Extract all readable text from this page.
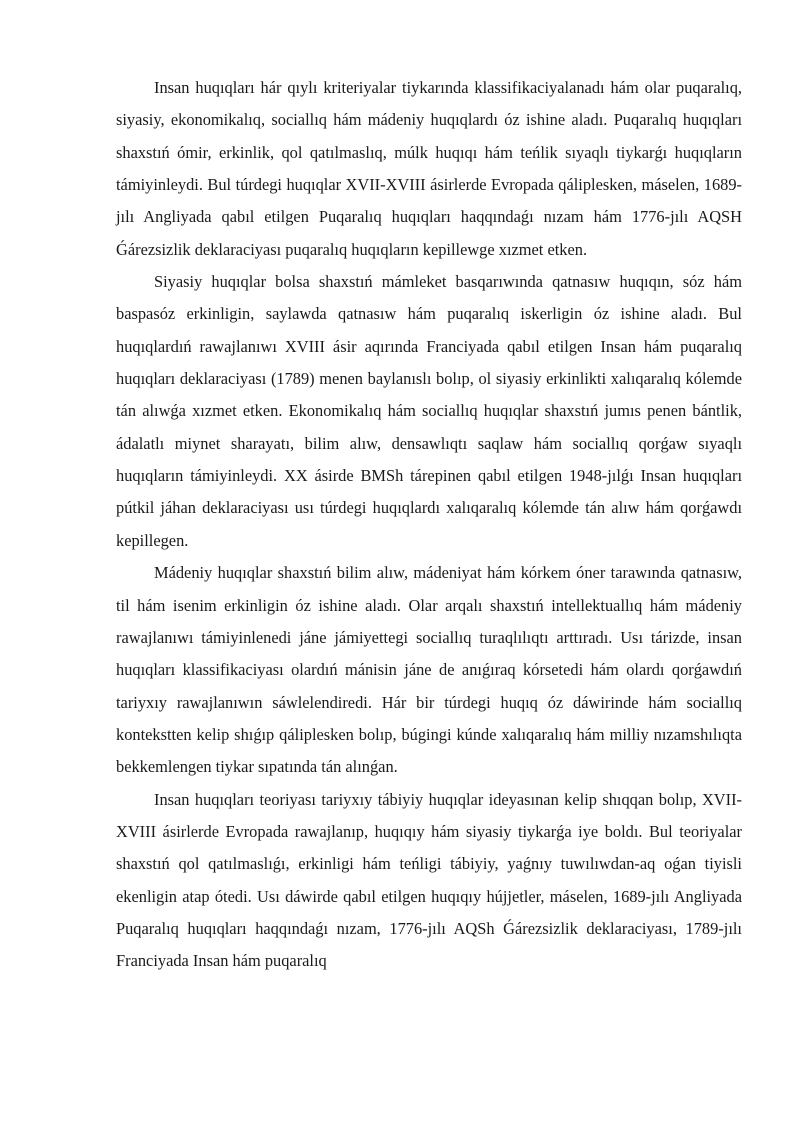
Insan huqıqları hár qıylı kriteriyalar tiykarında klassifikaciyalanadı hám olar puqaralıq, siyasiy, ekonomikalıq, sociallıq hám mádeniy huqıqlardı óz ishine aladı. Puqaralıq huqıqları shaxstıń ómir, erkinlik, qol qatılmaslıq, múlk huqıqı hám teńlik sıyaqlı tiykarǵı huqıqların támiyinleydi. Bul túrdegi huqıqlar XVII-XVIII ásirlerde Evropada qáliplesken, máselen, 1689-jılı Angliyada qabıl etilgen Puqaralıq huqıqları haqqındaǵı nızam hám 1776-jılı AQSH Ǵárezsizlik deklaraciyası puqaralıq huqıqların kepillewge xızmet etken.

Siyasiy huqıqlar bolsa shaxstıń mámleket basqarıwında qatnasıw huqıqın, sóz hám baspasóz erkinligin, saylawda qatnasıw hám puqaralıq iskerligin óz ishine aladı. Bul huqıqlardıń rawajlanıwı XVIII ásir aqırında Franciyada qabıl etilgen Insan hám puqaralıq huqıqları deklaraciyası (1789) menen baylanıslı bolıp, ol siyasiy erkinlikti xalıqaralıq kólemde tán alıwǵa xızmet etken. Ekonomikalıq hám sociallıq huqıqlar shaxstıń jumıs penen bántlik, ádalatlı miynet sharayatı, bilim alıw, densawlıqtı saqlaw hám sociallıq qorǵaw sıyaqlı huqıqların támiyinleydi. XX ásirde BMSh tárepinen qabıl etilgen 1948-jılǵı Insan huqıqları pútkil jáhan deklaraciyası usı túrdegi huqıqlardı xalıqaralıq kólemde tán alıw hám qorǵawdı kepillegen.

Mádeniy huqıqlar shaxstıń bilim alıw, mádeniyat hám kórkem óner tarawında qatnasıw, til hám isenim erkinligin óz ishine aladı. Olar arqalı shaxstıń intellektuallıq hám mádeniy rawajlanıwı támiyinlenedi jáne jámiyettegi sociallıq turaqlılıqtı arttıradı. Usı tárizde, insan huqıqları klassifikaciyası olardıń mánisin jáne de anıǵıraq kórsetedi hám olardı qorǵawdıń tariyxıy rawajlanıwın sáwlelendiredi. Hár bir túrdegi huqıq óz dáwirinde hám sociallıq kontekstten kelip shıǵıp qáliplesken bolıp, búgingi kúnde xalıqaralıq hám milliy nızamshılıqta bekkemlengen tiykar sıpatında tán alınǵan.

Insan huqıqları teoriyası tariyxıy tábiyiy huqıqlar ideyasınan kelip shıqqan bolıp, XVII-XVIII ásirlerde Evropada rawajlanıp, huqıqıy hám siyasiy tiykarǵa iye boldı. Bul teoriyalar shaxstıń qol qatılmaslıǵı, erkinligi hám teńligi tábiyiy, yaǵnıy tuwılıwdan-aq oǵan tiyisli ekenligin atap ótedi. Usı dáwirde qabıl etilgen huqıqıy hújjetler, máselen, 1689-jılı Angliyada Puqaralıq huqıqları haqqındaǵı nızam, 1776-jılı AQSh Ǵárezsizlik deklaraciyası, 1789-jılı Franciyada Insan hám puqaralıq
